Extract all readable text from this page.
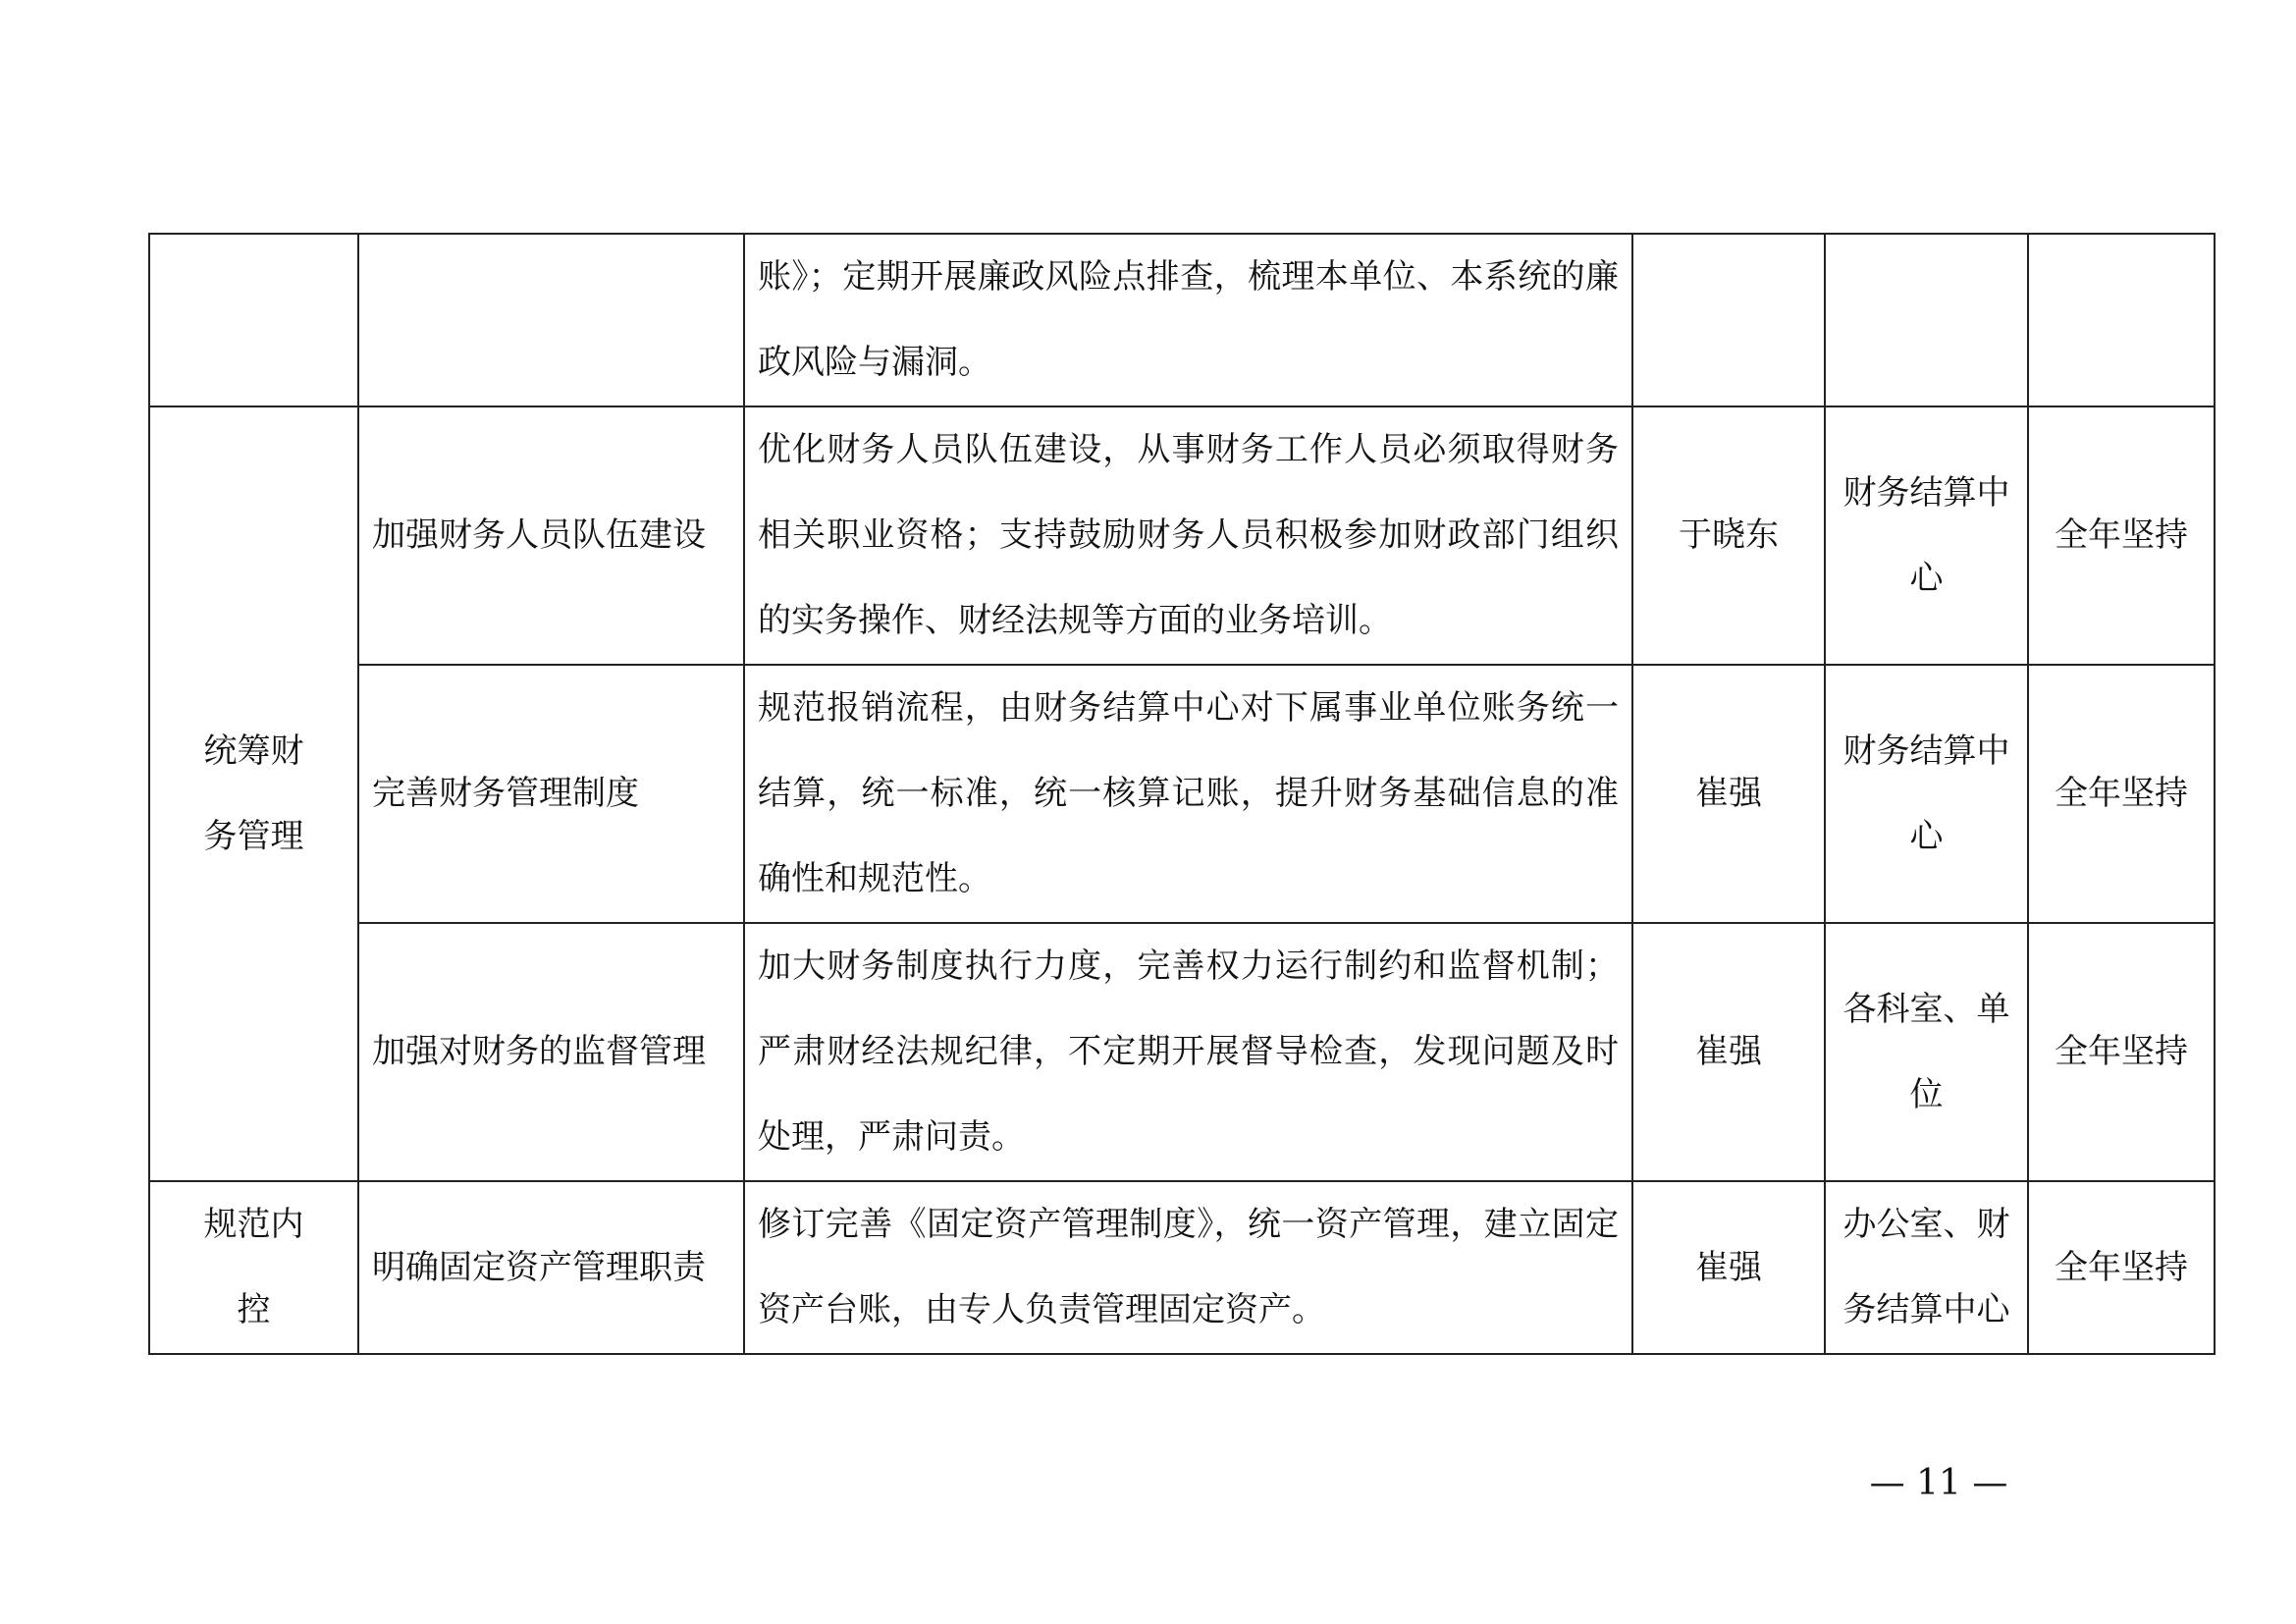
		账》；定期开展廉政风险点排查，梳理本单位、本系统的廉政风险与漏洞。			
统筹财务管理	加强财务人员队伍建设	优化财务人员队伍建设，从事财务工作人员必须取得财务相关职业资格；支持鼓励财务人员积极参加财政部门组织的实务操作、财经法规等方面的业务培训。	于晓东	财务结算中心	全年坚持
	完善财务管理制度	规范报销流程，由财务结算中心对下属事业单位账务统一结算，统一标准，统一核算记账，提升财务基础信息的准确性和规范性。	崔强	财务结算中心	全年坚持
	加强对财务的监督管理	加大财务制度执行力度，完善权力运行制约和监督机制；严肃财经法规纪律，不定期开展督导检查，发现问题及时处理，严肃问责。	崔强	各科室、单位	全年坚持
规范内控	明确固定资产管理职责	修订完善《固定资产管理制度》，统一资产管理，建立固定资产台账，由专人负责管理固定资产。	崔强	办公室、财务结算中心	全年坚持
— 11 —
